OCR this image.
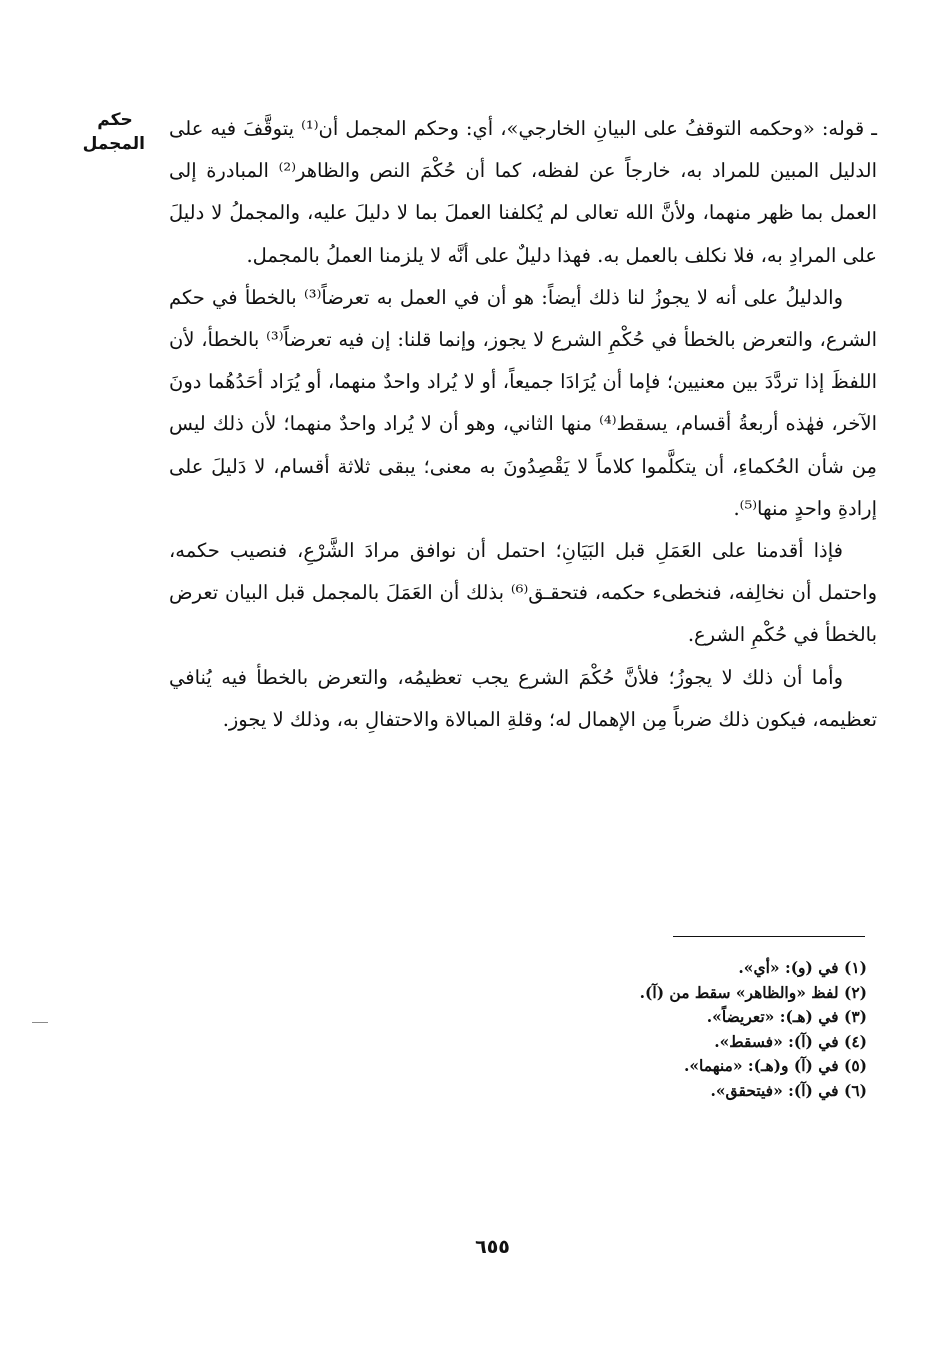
حكم
المجمل

ـ قوله: «وحكمه التوقفُ على البيانِ الخارجي»، أي: وحكم المجمل أن⁽¹⁾ يتوقَّفَ فيه على الدليل المبين للمراد به، خارجاً عن لفظه، كما أن حُكْمَ النص والظاهر⁽²⁾ المبادرة إلى العمل بما ظهر منهما، ولأنَّ الله تعالى لم يُكلفنا العملَ بما لا دليلَ عليه، والمجملُ لا دليلَ على المرادِ به، فلا نكلف بالعمل به. فهذا دليلٌ على أنَّه لا يلزمنا العملُ بالمجمل.

والدليلُ على أنه لا يجوزُ لنا ذلك أيضاً: هو أن في العمل به تعرضاً⁽³⁾ بالخطأ في حكم الشرع، والتعرض بالخطأ في حُكْمِ الشرع لا يجوز، وإنما قلنا: إن فيه تعرضاً⁽³⁾ بالخطأ، لأن اللفظَ إذا تردَّدَ بين معنيين؛ فإما أن يُرَادَا جميعاً، أو لا يُراد واحدٌ منهما، أو يُرَاد أحَدُهُما دونَ الآخر، فهٰذه أربعةُ أقسام، يسقط⁽⁴⁾ منها الثاني، وهو أن لا يُراد واحدٌ منهما؛ لأن ذلك ليس مِن شأن الحُكماءِ، أن يتكلَّموا كلاماً لا يَقْصِدُونَ به معنى؛ يبقى ثلاثة أقسام، لا دَليلَ على إرادةِ واحدٍ منها⁽⁵⁾.

فإذا أقدمنا على العَمَلِ قبل البَيَانِ؛ احتمل أن نوافق مرادَ الشَّرْعِ، فنصيب حكمه، واحتمل أن نخالِفه، فنخطىء حكمه، فتحقـق⁽⁶⁾ بذلك أن العَمَلَ بالمجمل قبل البيان تعرض بالخطأ في حُكْمِ الشرع.

وأما أن ذلك لا يجوزُ؛ فلأنَّ حُكْمَ الشرع يجب تعظيمُه، والتعرض بالخطأ فيه يُنافي تعظيمه، فيكون ذلك ضرباً مِن الإهمال له؛ وقلةِ المبالاة والاحتفالِ به، وذلك لا يجوز.

(١) في (و): «أي».
(٢) لفظ «والظاهر» سقط من (آ).
(٣) في (هـ): «تعريضاً».
(٤) في (آ): «فسقط».
(٥) في (آ) و(هـ): «منهما».
(٦) في (آ): «فيتحقق».
٦٥٥
